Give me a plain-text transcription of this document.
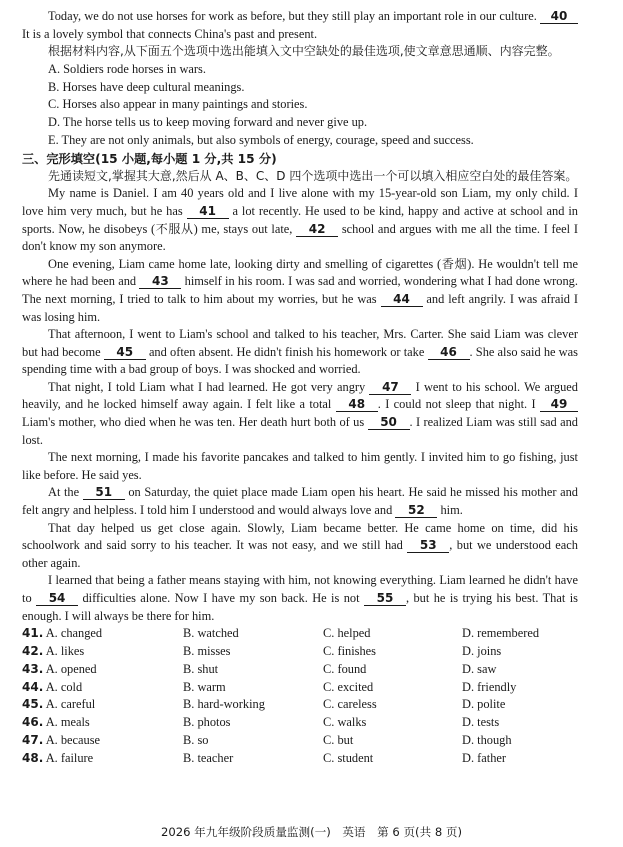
Today, we do not use horses for work as before, but they still play an important role in our culture. 40 It is a lovely symbol that connects China's past and present.

根据材料内容,从下面五个选项中选出能填入文中空缺处的最佳选项,使文章意思通顺、内容完整。

A. Soldiers rode horses in wars.

B. Horses have deep cultural meanings.

C. Horses also appear in many paintings and stories.

D. The horse tells us to keep moving forward and never give up.

E. They are not only animals, but also symbols of energy, courage, speed and success.

三、完形填空(15 小题,每小题 1 分,共 15 分)

先通读短文,掌握其大意,然后从 A、B、C、D 四个选项中选出一个可以填入相应空白处的最佳答案。

My name is Daniel. I am 40 years old and I live alone with my 15-year-old son Liam, my only child. I love him very much, but he has 41 a lot recently. He used to be kind, happy and active at school and in sports. Now, he disobeys (不服从) me, stays out late, 42 school and argues with me all the time. I feel I don't know my son anymore.

One evening, Liam came home late, looking dirty and smelling of cigarettes (香烟). He wouldn't tell me where he had been and 43 himself in his room. I was sad and worried, wondering what I had done wrong. The next morning, I tried to talk to him about my worries, but he was 44 and left angrily. I was afraid I was losing him.

That afternoon, I went to Liam's school and talked to his teacher, Mrs. Carter. She said Liam was clever but had become 45 and often absent. He didn't finish his homework or take 46 . She also said he was spending time with a bad group of boys. I was shocked and worried.

That night, I told Liam what I had learned. He got very angry 47 I went to his school. We argued heavily, and he locked himself away again. I felt like a total 48 . I could not sleep that night. I 49 Liam's mother, who died when he was ten. Her death hurt both of us 50 . I realized Liam was still sad and lost.

The next morning, I made his favorite pancakes and talked to him gently. I invited him to go fishing, just like before. He said yes.

At the 51 on Saturday, the quiet place made Liam open his heart. He said he missed his mother and felt angry and helpless. I told him I understood and would always love and 52 him.

That day helped us get close again. Slowly, Liam became better. He came home on time, did his schoolwork and said sorry to his teacher. It was not easy, and we still had 53 , but we understood each other again.

I learned that being a father means staying with him, not knowing everything. Liam learned he didn't have to 54 difficulties alone. Now I have my son back. He is not 55 , but he is trying his best. That is enough. I will always be there for him.

41. A. changed	B. watched	C. helped	D. remembered
42. A. likes	B. misses	C. finishes	D. joins
43. A. opened	B. shut	C. found	D. saw
44. A. cold	B. warm	C. excited	D. friendly
45. A. careful	B. hard-working	C. careless	D. polite
46. A. meals	B. photos	C. walks	D. tests
47. A. because	B. so	C. but	D. though
48. A. failure	B. teacher	C. student	D. father
2026 年九年级阶段质量监测(一)　英语　第 6 页(共 8 页)
